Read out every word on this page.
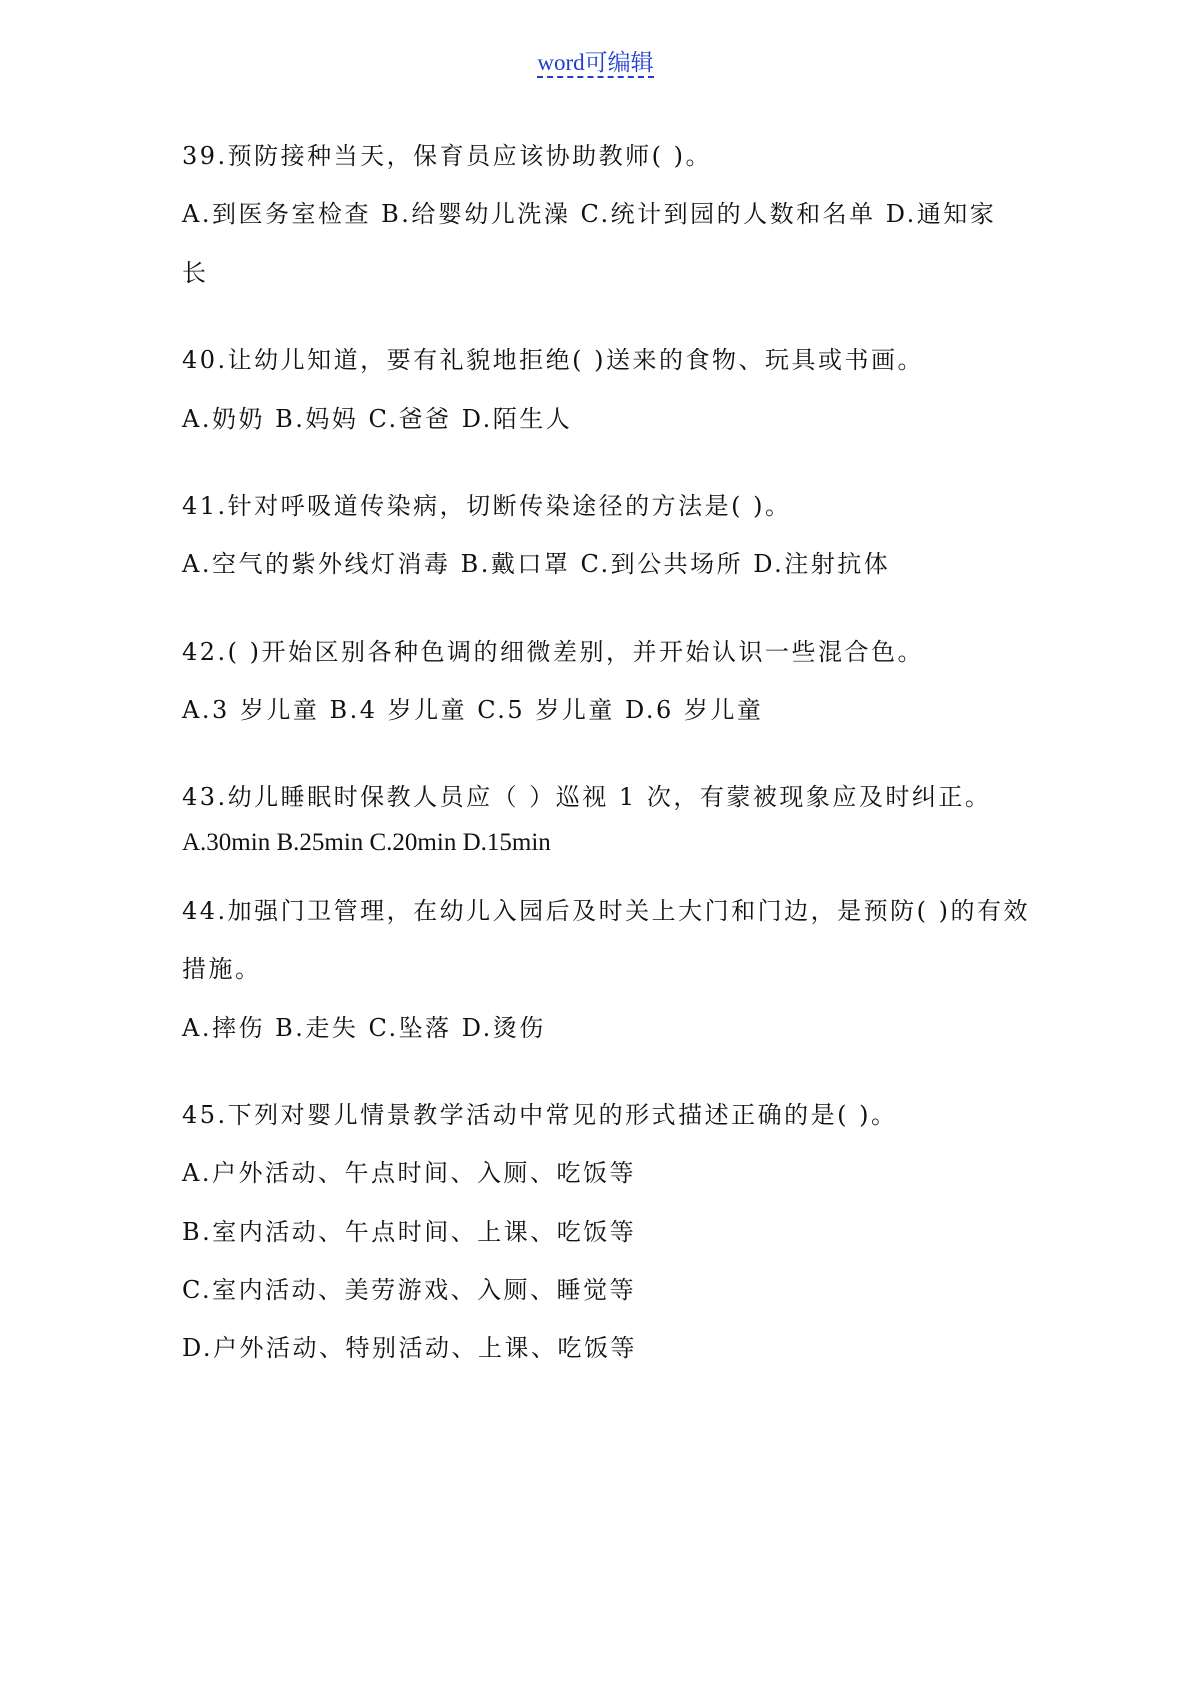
word可编辑
39.预防接种当天，保育员应该协助教师( )。
A.到医务室检查 B.给婴幼儿洗澡 C.统计到园的人数和名单 D.通知家
长
40.让幼儿知道，要有礼貌地拒绝( )送来的食物、玩具或书画。
A.奶奶 B.妈妈 C.爸爸 D.陌生人
41.针对呼吸道传染病，切断传染途径的方法是( )。
A.空气的紫外线灯消毒 B.戴口罩 C.到公共场所 D.注射抗体
42.( )开始区别各种色调的细微差别，并开始认识一些混合色。
A.3 岁儿童 B.4 岁儿童 C.5 岁儿童 D.6 岁儿童
43.幼儿睡眠时保教人员应（ ）巡视 1 次，有蒙被现象应及时纠正。
A.30min B.25min C.20min D.15min
44.加强门卫管理，在幼儿入园后及时关上大门和门边，是预防( )的有效
措施。
A.摔伤 B.走失 C.坠落 D.烫伤
45.下列对婴儿情景教学活动中常见的形式描述正确的是( )。
A.户外活动、午点时间、入厕、吃饭等
B.室内活动、午点时间、上课、吃饭等
C.室内活动、美劳游戏、入厕、睡觉等
D.户外活动、特别活动、上课、吃饭等
